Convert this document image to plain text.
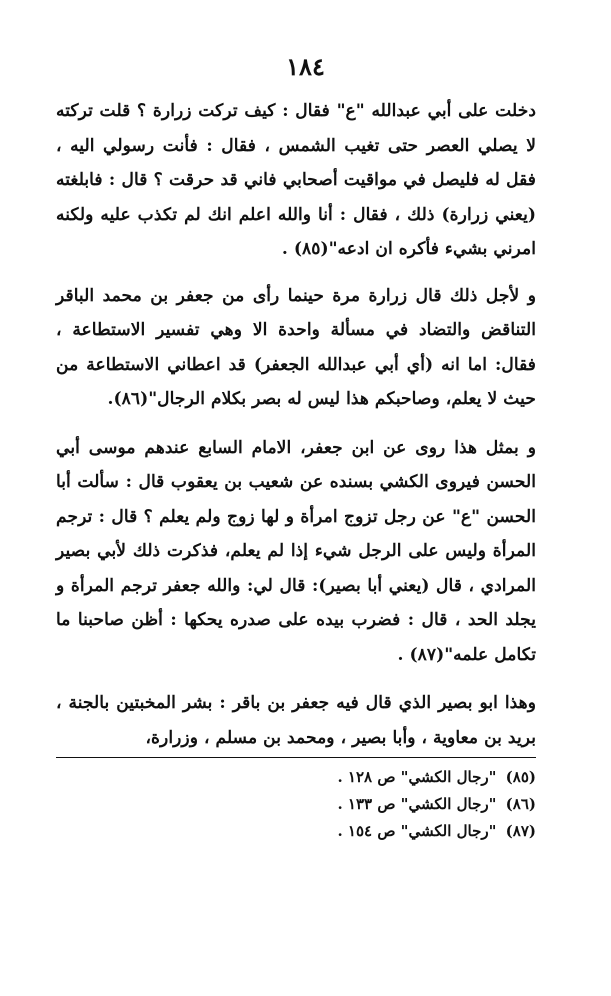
١٨٤

دخلت على أبي عبدالله "ع" فقال : كيف تركت زرارة ؟ قلت تركته لا يصلي العصر حتى تغيب الشمس ، فقال : فأنت رسولي اليه ، فقل له فليصل في مواقيت أصحابي فاني قد حرقت ؟ قال : فابلغته (يعني زرارة) ذلك ، فقال : أنا والله اعلم انك لم تكذب عليه ولكنه امرني بشيء فأكره ان ادعه"(٨٥) .

و لأجل ذلك قال زرارة مرة حينما رأى من جعفر بن محمد الباقر التناقض والتضاد في مسألة واحدة الا وهي تفسير الاستطاعة ، فقال: اما انه (أي أبي عبدالله الجعفر) قد اعطاني الاستطاعة من حيث لا يعلم، وصاحبكم هذا ليس له بصر بكلام الرجال"(٨٦).

و بمثل هذا روى عن ابن جعفر، الامام السابع عندهم موسى أبي الحسن فيروى الكشي بسنده عن شعيب بن يعقوب قال : سألت أبا الحسن "ع" عن رجل تزوج امرأة و لها زوج ولم يعلم ؟ قال : ترجم المرأة وليس على الرجل شيء إذا لم يعلم، فذكرت ذلك لأبي بصير المرادي ، قال (يعني أبا بصير): قال لي: والله جعفر ترجم المرأة و يجلد الحد ، قال : فضرب بيده على صدره يحكها : أظن صاحبنا ما تكامل علمه"(٨٧) .

وهذا ابو بصير الذي قال فيه جعفر بن باقر : بشر المخبتين بالجنة ، بريد بن معاوية ، وأبا بصير ، ومحمد بن مسلم ، وزرارة،

(٨٥) "رجال الكشي" ص ١٢٨ .
(٨٦) "رجال الكشي" ص ١٣٣ .
(٨٧) "رجال الكشي" ص ١٥٤ .
